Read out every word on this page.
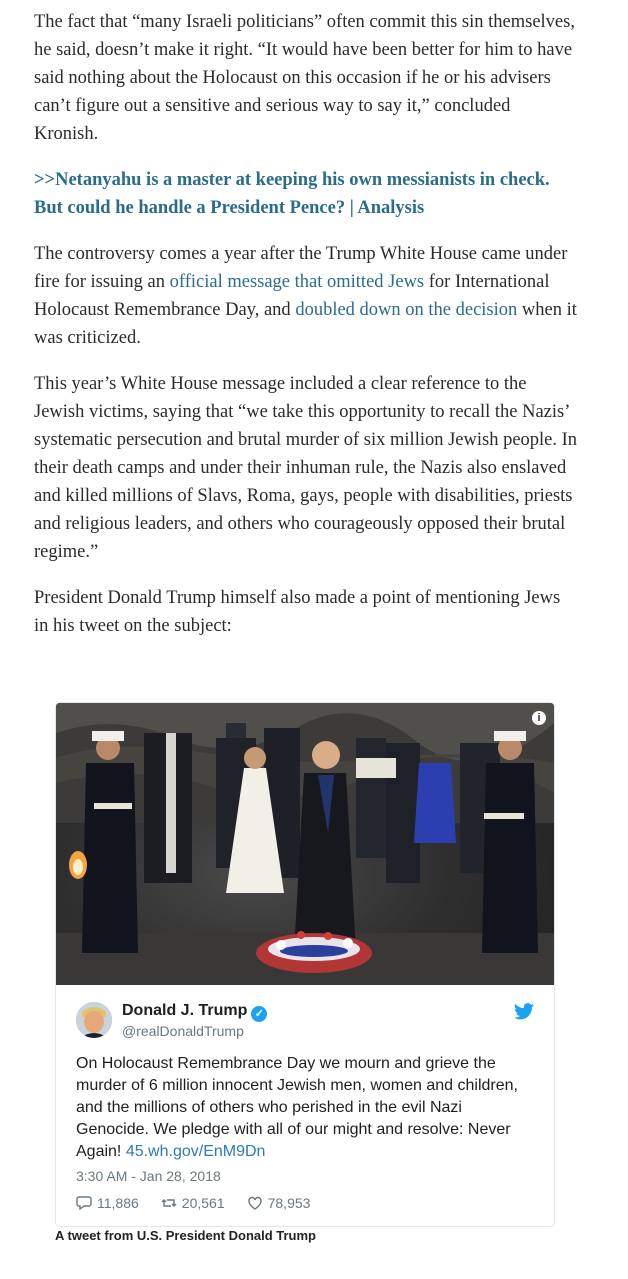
The fact that “many Israeli politicians” often commit this sin themselves, he said, doesn’t make it right. “It would have been better for him to have said nothing about the Holocaust on this occasion if he or his advisers can’t figure out a sensitive and serious way to say it,” concluded Kronish.

>>Netanyahu is a master at keeping his own messianists in check. But could he handle a President Pence? | Analysis

The controversy comes a year after the Trump White House came under fire for issuing an official message that omitted Jews for International Holocaust Remembrance Day, and doubled down on the decision when it was criticized.

This year’s White House message included a clear reference to the Jewish victims, saying that “we take this opportunity to recall the Nazis’ systematic persecution and brutal murder of six million Jewish people. In their death camps and under their inhuman rule, the Nazis also enslaved and killed millions of Slavs, Roma, gays, people with disabilities, priests and religious leaders, and others who courageously opposed their brutal regime.”

President Donald Trump himself also made a point of mentioning Jews in his tweet on the subject:

i
Donald J. Trump ✓
@realDonaldTrump
On Holocaust Remembrance Day we mourn and grieve the murder of 6 million innocent Jewish men, women and children, and the millions of others who perished in the evil Nazi Genocide. We pledge with all of our might and resolve: Never Again! 45.wh.gov/EnM9Dn
3:30 AM - Jan 28, 2018
11,886	20,561	78,953
A tweet from U.S. President Donald Trump
